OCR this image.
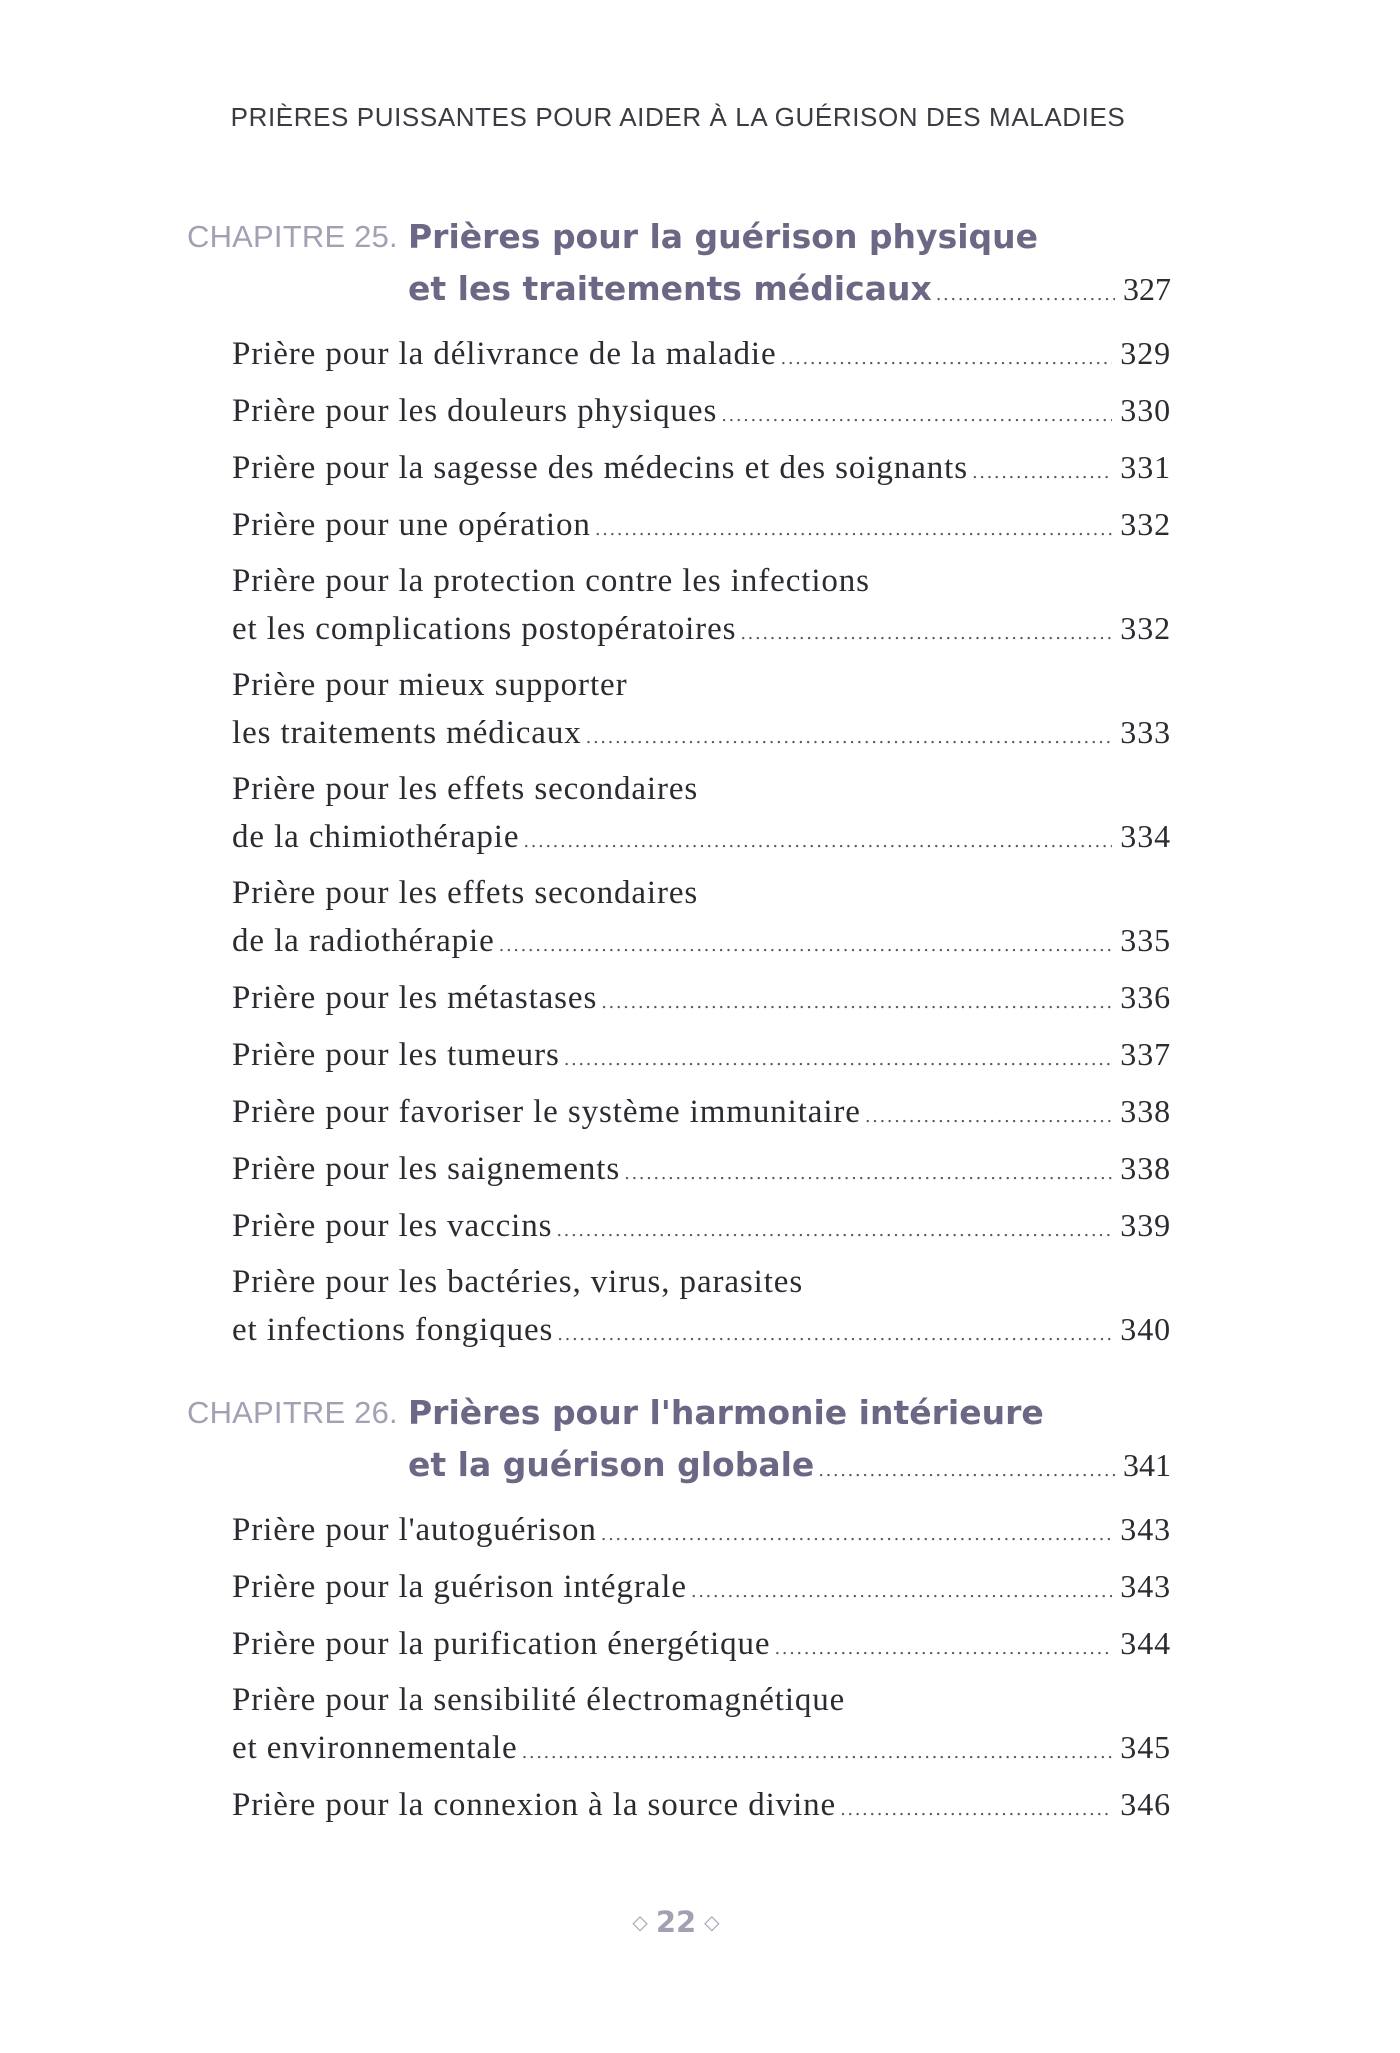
PRIÈRES PUISSANTES POUR AIDER À LA GUÉRISON DES MALADIES
CHAPITRE 25. Prières pour la guérison physique
et les traitements médicaux .....	327
Prière pour la délivrance de la maladie .....	329
Prière pour les douleurs physiques .....	330
Prière pour la sagesse des médecins et des soignants .....	331
Prière pour une opération .....	332
Prière pour la protection contre les infections
et les complications postopératoires .....	332
Prière pour mieux supporter
les traitements médicaux .....	333
Prière pour les effets secondaires
de la chimiothérapie .....	334
Prière pour les effets secondaires
de la radiothérapie .....	335
Prière pour les métastases .....	336
Prière pour les tumeurs .....	337
Prière pour favoriser le système immunitaire .....	338
Prière pour les saignements .....	338
Prière pour les vaccins .....	339
Prière pour les bactéries, virus, parasites
et infections fongiques .....	340
CHAPITRE 26. Prières pour l'harmonie intérieure
et la guérison globale .....	341
Prière pour l'autoguérison .....	343
Prière pour la guérison intégrale .....	343
Prière pour la purification énergétique .....	344
Prière pour la sensibilité électromagnétique
et environnementale .....	345
Prière pour la connexion à la source divine .....	346
◇ 22 ◇
